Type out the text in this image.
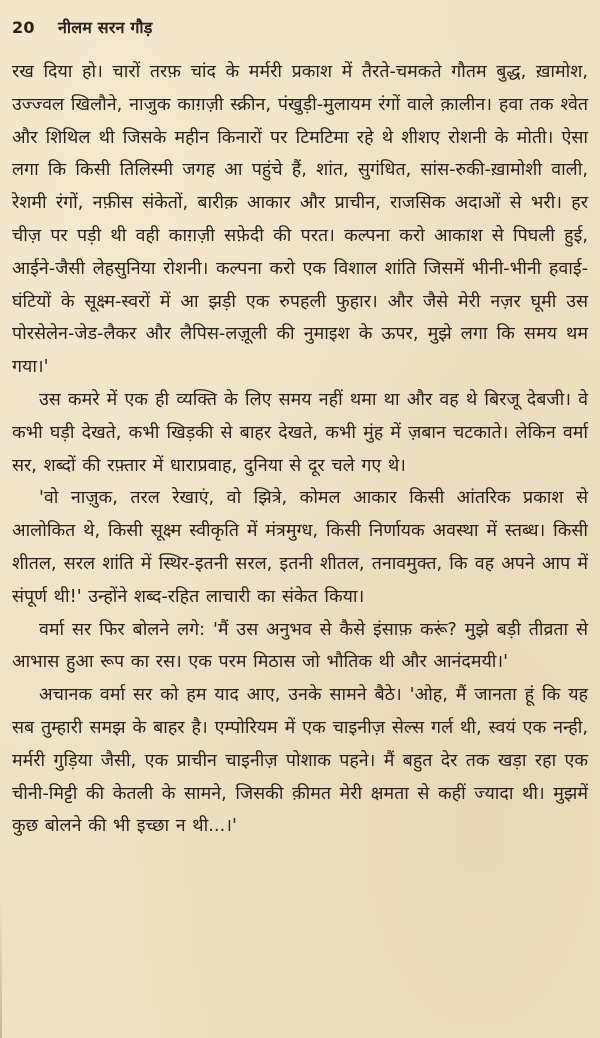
20 नीलम सरन गौड़

रख दिया हो। चारों तरफ़ चांद के मर्मरी प्रकाश में तैरते-चमकते गौतम बुद्ध, ख़ामोश, उज्ज्वल खिलौने, नाजुक काग़ज़ी स्क्रीन, पंखुड़ी-मुलायम रंगों वाले क़ालीन। हवा तक श्वेत और शिथिल थी जिसके महीन किनारों पर टिमटिमा रहे थे शीशए रोशनी के मोती। ऐसा लगा कि किसी तिलिस्मी जगह आ पहुंचे हैं, शांत, सुगंधित, सांस-रुकी-ख़ामोशी वाली, रेशमी रंगों, नफ़ीस संकेतों, बारीक़ आकार और प्राचीन, राजसिक अदाओं से भरी। हर चीज़ पर पड़ी थी वही काग़ज़ी सफ़ेदी की परत। कल्पना करो आकाश से पिघली हुई, आईने-जैसी लेहसुनिया रोशनी। कल्पना करो एक विशाल शांति जिसमें भीनी-भीनी हवाई-घंटियों के सूक्ष्म-स्वरों में आ झड़ी एक रुपहली फुहार। और जैसे मेरी नज़र घूमी उस पोरसेलेन-जेड-लैकर और लैपिस-लज़ूली की नुमाइश के ऊपर, मुझे लगा कि समय थम गया।'

उस कमरे में एक ही व्यक्ति के लिए समय नहीं थमा था और वह थे बिरजू देबजी। वे कभी घड़ी देखते, कभी खिड़की से बाहर देखते, कभी मुंह में ज़बान चटकाते। लेकिन वर्मा सर, शब्दों की रफ़्तार में धाराप्रवाह, दुनिया से दूर चले गए थे।

'वो नाज़ुक, तरल रेखाएं, वो झित्रे, कोमल आकार किसी आंतरिक प्रकाश से आलोकित थे, किसी सूक्ष्म स्वीकृति में मंत्रमुग्ध, किसी निर्णायक अवस्था में स्तब्ध। किसी शीतल, सरल शांति में स्थिर-इतनी सरल, इतनी शीतल, तनावमुक्त, कि वह अपने आप में संपूर्ण थी!' उन्होंने शब्द-रहित लाचारी का संकेत किया।

वर्मा सर फिर बोलने लगे: 'मैं उस अनुभव से कैसे इंसाफ़ करूं? मुझे बड़ी तीव्रता से आभास हुआ रूप का रस। एक परम मिठास जो भौतिक थी और आनंदमयी।'

अचानक वर्मा सर को हम याद आए, उनके सामने बैठे। 'ओह, मैं जानता हूं कि यह सब तुम्हारी समझ के बाहर है। एम्पोरियम में एक चाइनीज़ सेल्स गर्ल थी, स्वयं एक नन्ही, मर्मरी गुड़िया जैसी, एक प्राचीन चाइनीज़ पोशाक पहने। मैं बहुत देर तक खड़ा रहा एक चीनी-मिट्टी की केतली के सामने, जिसकी क़ीमत मेरी क्षमता से कहीं ज्यादा थी। मुझमें कुछ बोलने की भी इच्छा न थी...।'
